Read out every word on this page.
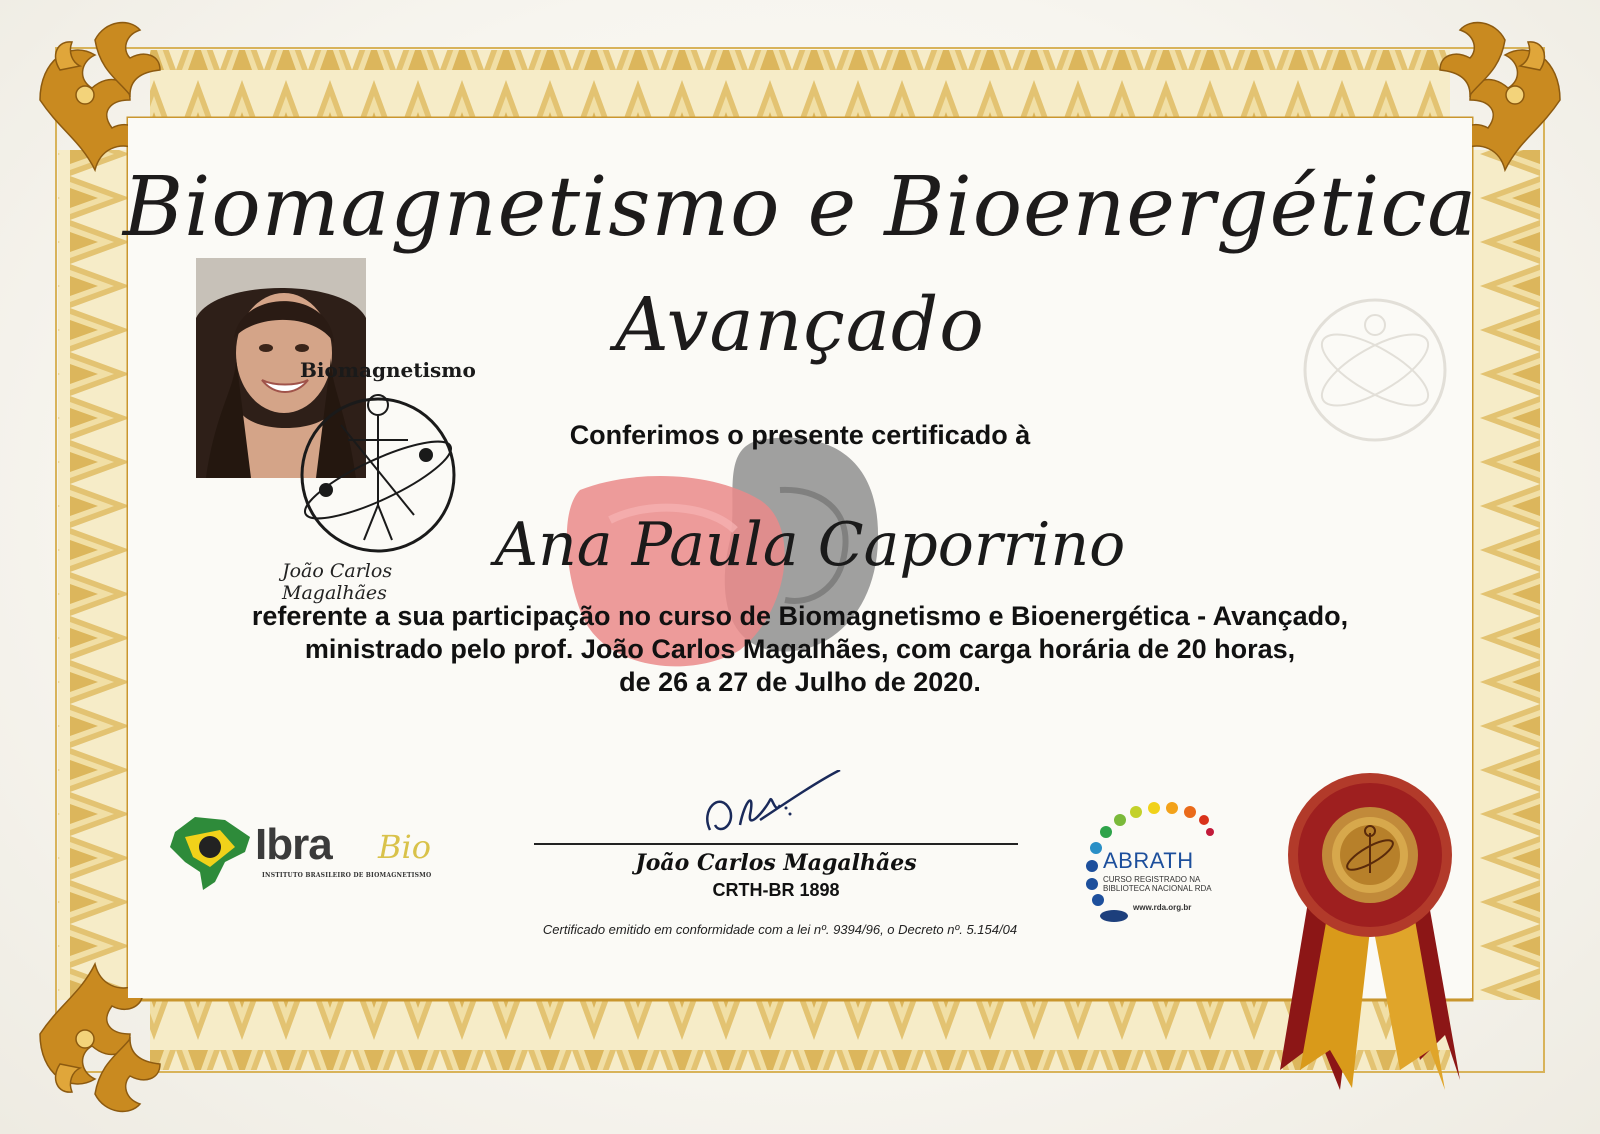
Biomagnetismo e Bioenergética
Avançado
Biomagnetismo
João Carlos Magalhães
Conferimos o presente certificado à
Ana Paula Caporrino
referente a sua participação no curso de Biomagnetismo e Bioenergética - Avançado,
ministrado pelo prof. João Carlos Magalhães, com carga horária de 20 horas,
de 26 a 27 de Julho de 2020.
João Carlos Magalhães
CRTH-BR 1898
Certificado emitido em conformidade com a lei nº. 9394/96, o Decreto nº. 5.154/04
Ibra Bio
INSTITUTO BRASILEIRO DE BIOMAGNETISMO
ABRATH
CURSO REGISTRADO NA
BIBLIOTECA NACIONAL RDA
www.rda.org.br
